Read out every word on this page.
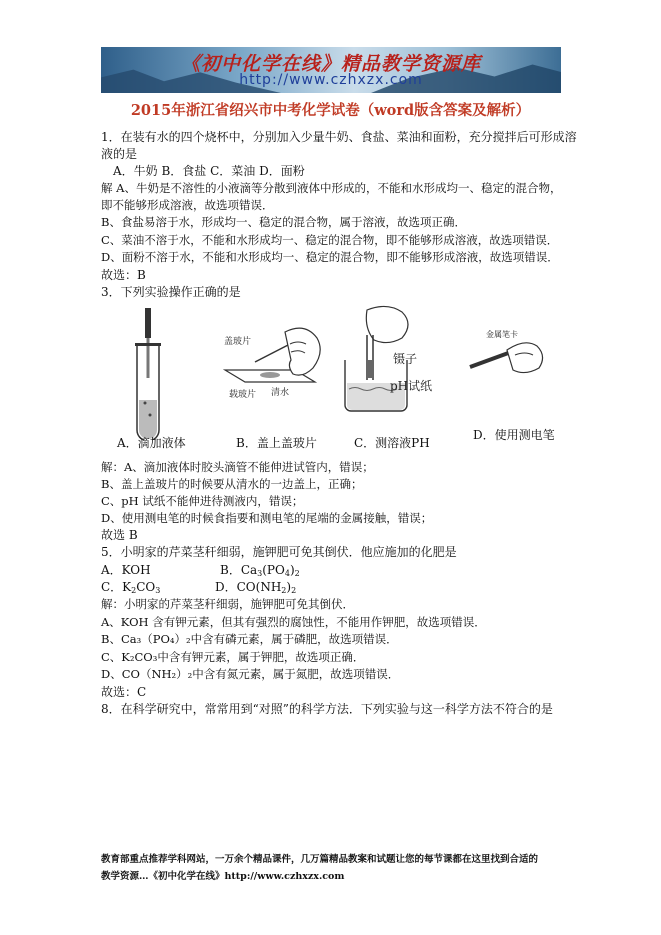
《初中化学在线》精品教学资源库
http://www.czhxzx.com
2015年浙江省绍兴市中考化学试卷（word版含答案及解析）
1．在装有水的四个烧杯中，分别加入少量牛奶、食盐、菜油和面粉，充分搅拌后可形成溶
液的是
A．牛奶 B．食盐 C．菜油 D．面粉
解 A、牛奶是不溶性的小液滴等分散到液体中形成的，不能和水形成均一、稳定的混合物，
即不能够形成溶液，故选项错误．
B、食盐易溶于水，形成均一、稳定的混合物，属于溶液，故选项正确．
C、菜油不溶于水，不能和水形成均一、稳定的混合物，即不能够形成溶液，故选项错误．
D、面粉不溶于水，不能和水形成均一、稳定的混合物，即不能够形成溶液，故选项错误．
故选：B
3．下列实验操作正确的是
盖玻片
载玻片 清水
镊子
pH试纸
金属笔卡
A．滴加液体	B．盖上盖玻片	C．测溶液PH
D．使用测电笔
解：A、滴加液体时胶头滴管不能伸进试管内，错误；
B、盖上盖玻片的时候要从清水的一边盖上，正确；
C、pH 试纸不能伸进待测液内，错误；
D、使用测电笔的时候食指要和测电笔的尾端的金属接触，错误；
故选 B
5．小明家的芹菜茎秆细弱，施钾肥可免其倒伏．他应施加的化肥是
A．KOH	B．$Ca_3(PO_4)_2$
C．$K_2CO_3$	D．$CO(NH_2)_2$
解：小明家的芹菜茎秆细弱，施钾肥可免其倒伏．
A、KOH 含有钾元素，但其有强烈的腐蚀性，不能用作钾肥，故选项错误．
B、Ca₃（PO₄）₂中含有磷元素，属于磷肥，故选项错误．
C、K₂CO₃中含有钾元素，属于钾肥，故选项正确．
D、CO（NH₂）₂中含有氮元素，属于氮肥，故选项错误．
故选：C
8．在科学研究中，常常用到“对照”的科学方法．下列实验与这一科学方法不符合的是
教育部重点推荐学科网站，一万余个精品课件，几万篇精品教案和试题让您的每节课都在这里找到合适的
教学资源…《初中化学在线》http://www.czhxzx.com
